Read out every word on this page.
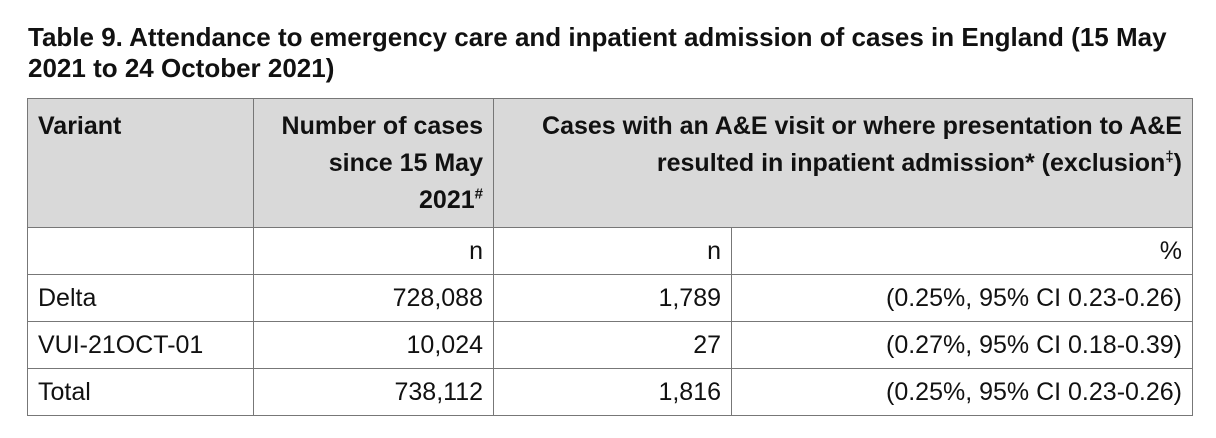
Table 9. Attendance to emergency care and inpatient admission of cases in England (15 May 2021 to 24 October 2021)
Variant	Number of cases since 15 May 2021#	Cases with an A&E visit or where presentation to A&E resulted in inpatient admission* (exclusion‡)	
	n	n	%
Delta	728,088	1,789	(0.25%, 95% CI 0.23-0.26)
VUI-21OCT-01	10,024	27	(0.27%, 95% CI 0.18-0.39)
Total	738,112	1,816	(0.25%, 95% CI 0.23-0.26)
